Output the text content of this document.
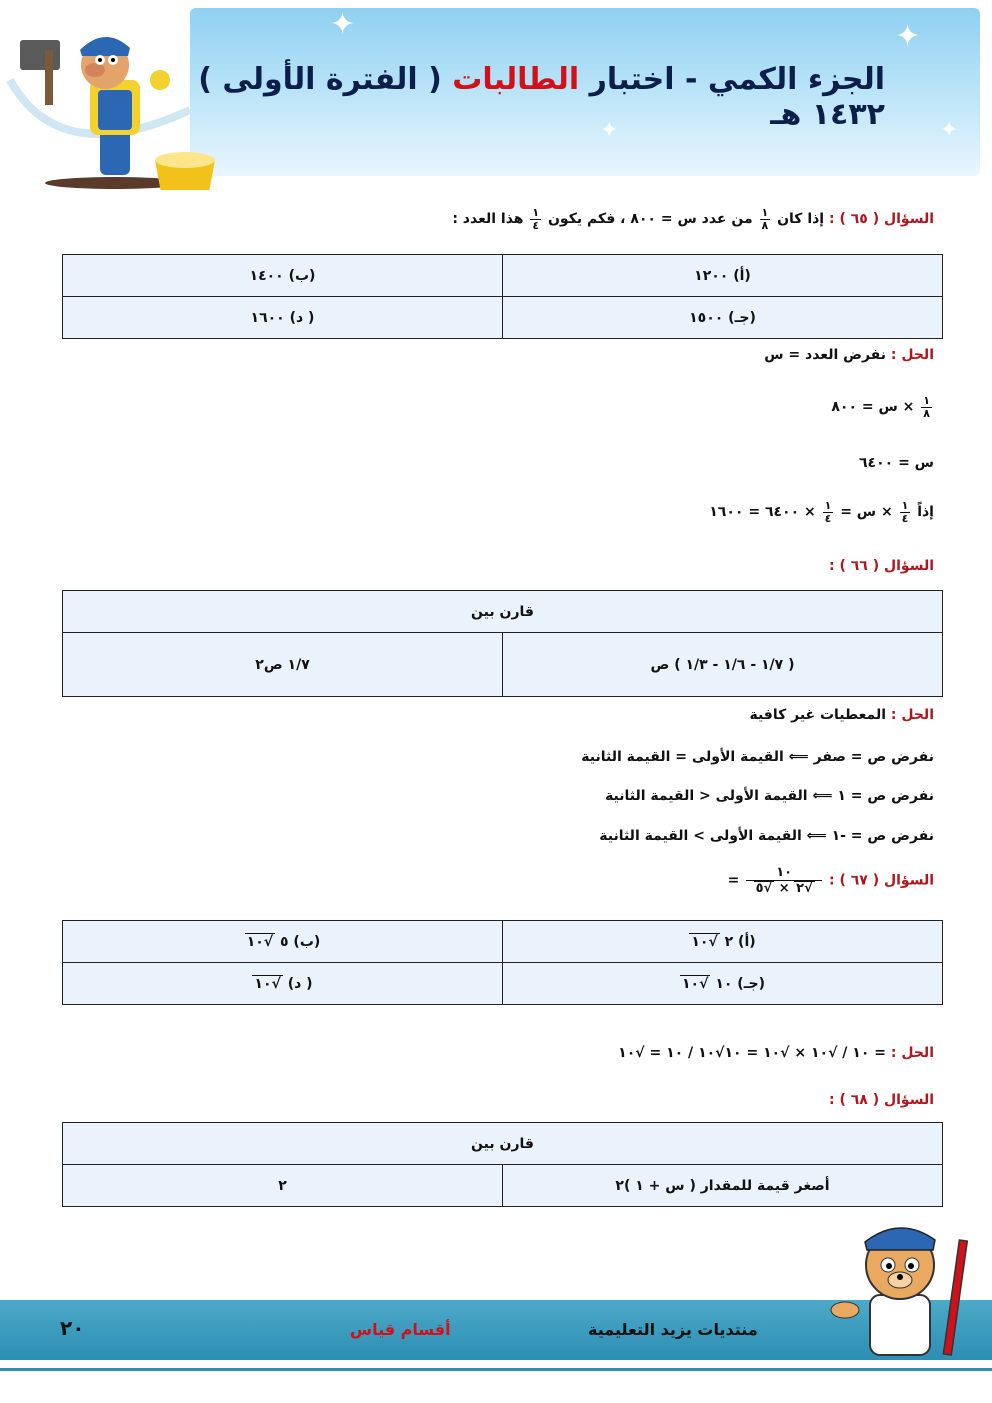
✦	✦
✦	✦
الجزء الكمي - اختبار الطالبات ( الفترة الأولى ) ١٤٣٢ هـ
السؤال ( ٦٥ ) : إذا كان
$\frac{١}{٨}$
من عدد س = ٨٠٠ ، فكم يكون
$\frac{١}{٤}$
هذا العدد :
(أ) ١٢٠٠	(ب) ١٤٠٠
(جـ) ١٥٠٠	( د) ١٦٠٠
الحل : نفرض العدد = س
$\frac{١}{٨}$
× س = ٨٠٠
س = ٦٤٠٠
إذاً
$\frac{١}{٤}$
× س =
$\frac{١}{٤}$
× ٦٤٠٠ = ١٦٠٠
السؤال ( ٦٦ ) :
قارن بين
( ١/٧ - ١/٦ - ١/٣ ) ص	١/٧ ص٢
الحل : المعطيات غير كافية
نفرض ص = صفر ⟸ القيمة الأولى = القيمة الثانية
نفرض ص = ١ ⟸ القيمة الأولى < القيمة الثانية
نفرض ص = -١ ⟸ القيمة الأولى > القيمة الثانية
السؤال ( ٦٧ ) :
١٠
√ ٢ × √ ٥
=
(أ) ٢ √ ١٠	(ب) ٥ √ ١٠
(جـ) ١٠ √ ١٠	( د) √ ١٠
الحل : = ١٠ / √١٠ × √١٠ = ١٠√١٠ / ١٠ = √١٠
السؤال ( ٦٨ ) :
قارن بين
أصغر قيمة للمقدار ( س + ١ )٢	٢
٢٠	أقسام قياس	منتديات يزيد التعليمية
